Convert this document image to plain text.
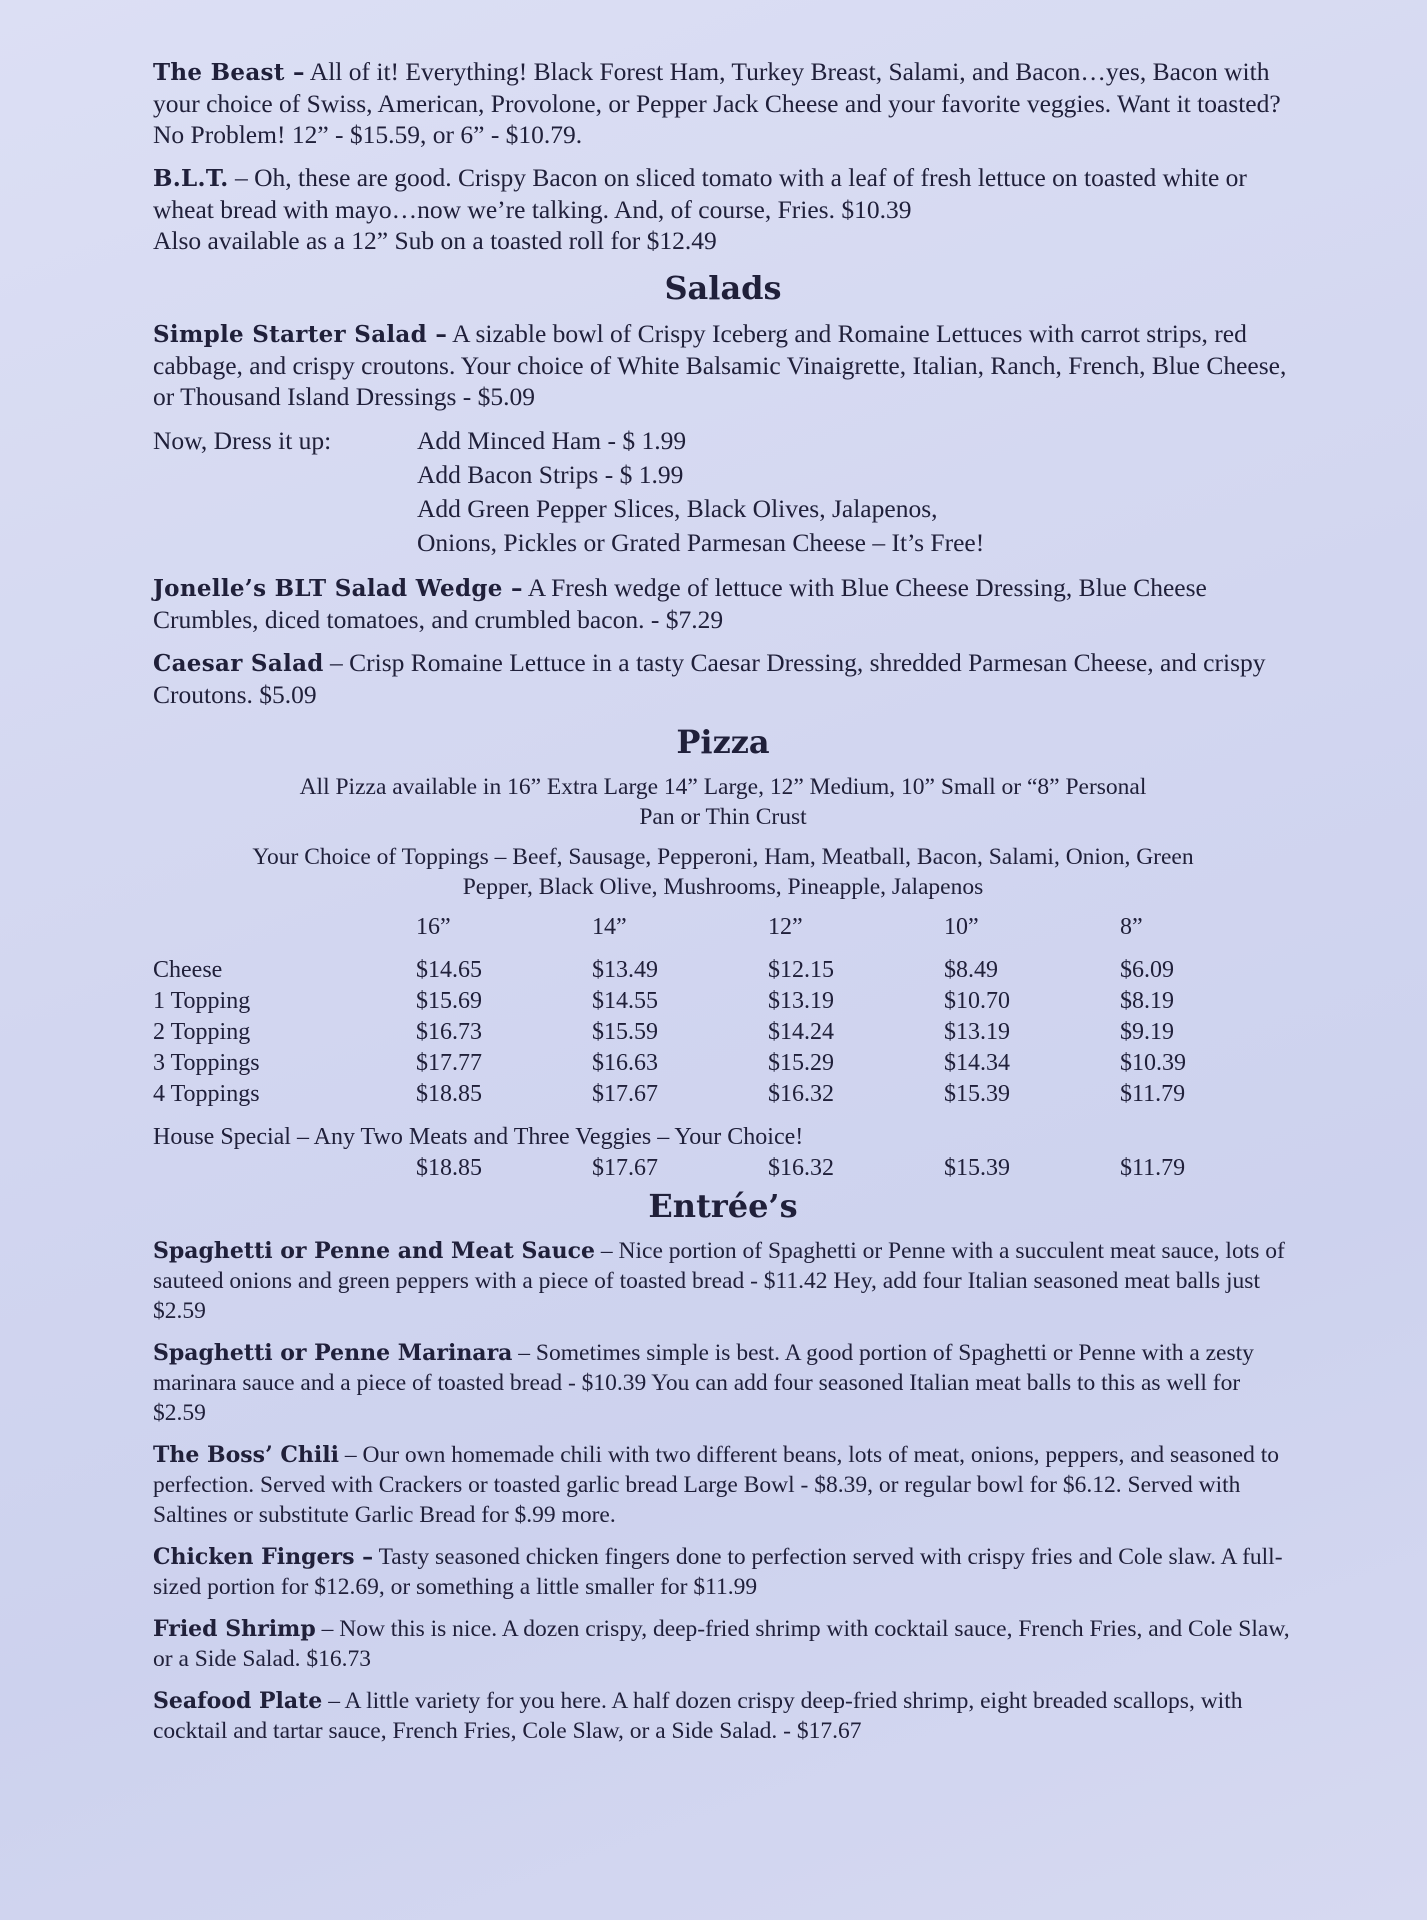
The Beast – All of it! Everything! Black Forest Ham, Turkey Breast, Salami, and Bacon…yes, Bacon with your choice of Swiss, American, Provolone, or Pepper Jack Cheese and your favorite veggies. Want it toasted? No Problem! 12” - $15.59, or 6” - $10.79.

B.L.T. – Oh, these are good. Crispy Bacon on sliced tomato with a leaf of fresh lettuce on toasted white or wheat bread with mayo…now we’re talking. And, of course, Fries. $10.39

Also available as a 12” Sub on a toasted roll for $12.49

Salads

Simple Starter Salad – A sizable bowl of Crispy Iceberg and Romaine Lettuces with carrot strips, red cabbage, and crispy croutons. Your choice of White Balsamic Vinaigrette, Italian, Ranch, French, Blue Cheese, or Thousand Island Dressings - $5.09

Now, Dress it up:	Add Minced Ham - $ 1.99
Add Bacon Strips - $ 1.99
Add Green Pepper Slices, Black Olives, Jalapenos,
Onions, Pickles or Grated Parmesan Cheese – It’s Free!

Jonelle’s BLT Salad Wedge – A Fresh wedge of lettuce with Blue Cheese Dressing, Blue Cheese Crumbles, diced tomatoes, and crumbled bacon. - $7.29

Caesar Salad – Crisp Romaine Lettuce in a tasty Caesar Dressing, shredded Parmesan Cheese, and crispy Croutons. $5.09

Pizza
All Pizza available in 16” Extra Large 14” Large, 12” Medium, 10” Small or “8” Personal
Pan or Thin Crust
Your Choice of Toppings – Beef, Sausage, Pepperoni, Ham, Meatball, Bacon, Salami, Onion, Green
Pepper, Black Olive, Mushrooms, Pineapple, Jalapenos
	16”	14”	12”	10”	8”
Cheese	$14.65	$13.49	$12.15	$8.49	$6.09
1 Topping	$15.69	$14.55	$13.19	$10.70	$8.19
2 Topping	$16.73	$15.59	$14.24	$13.19	$9.19
3 Toppings	$17.77	$16.63	$15.29	$14.34	$10.39
4 Toppings	$18.85	$17.67	$16.32	$15.39	$11.79
House Special – Any Two Meats and Three Veggies – Your Choice!
	$18.85	$17.67	$16.32	$15.39	$11.79
Entrée’s

Spaghetti or Penne and Meat Sauce – Nice portion of Spaghetti or Penne with a succulent meat sauce, lots of sauteed onions and green peppers with a piece of toasted bread - $11.42 Hey, add four Italian seasoned meat balls just $2.59

Spaghetti or Penne Marinara – Sometimes simple is best. A good portion of Spaghetti or Penne with a zesty marinara sauce and a piece of toasted bread - $10.39 You can add four seasoned Italian meat balls to this as well for $2.59

The Boss’ Chili – Our own homemade chili with two different beans, lots of meat, onions, peppers, and seasoned to perfection. Served with Crackers or toasted garlic bread Large Bowl - $8.39, or regular bowl for $6.12. Served with Saltines or substitute Garlic Bread for $.99 more.

Chicken Fingers – Tasty seasoned chicken fingers done to perfection served with crispy fries and Cole slaw. A full-sized portion for $12.69, or something a little smaller for $11.99

Fried Shrimp – Now this is nice. A dozen crispy, deep-fried shrimp with cocktail sauce, French Fries, and Cole Slaw, or a Side Salad. $16.73

Seafood Plate – A little variety for you here. A half dozen crispy deep-fried shrimp, eight breaded scallops, with cocktail and tartar sauce, French Fries, Cole Slaw, or a Side Salad. - $17.67
